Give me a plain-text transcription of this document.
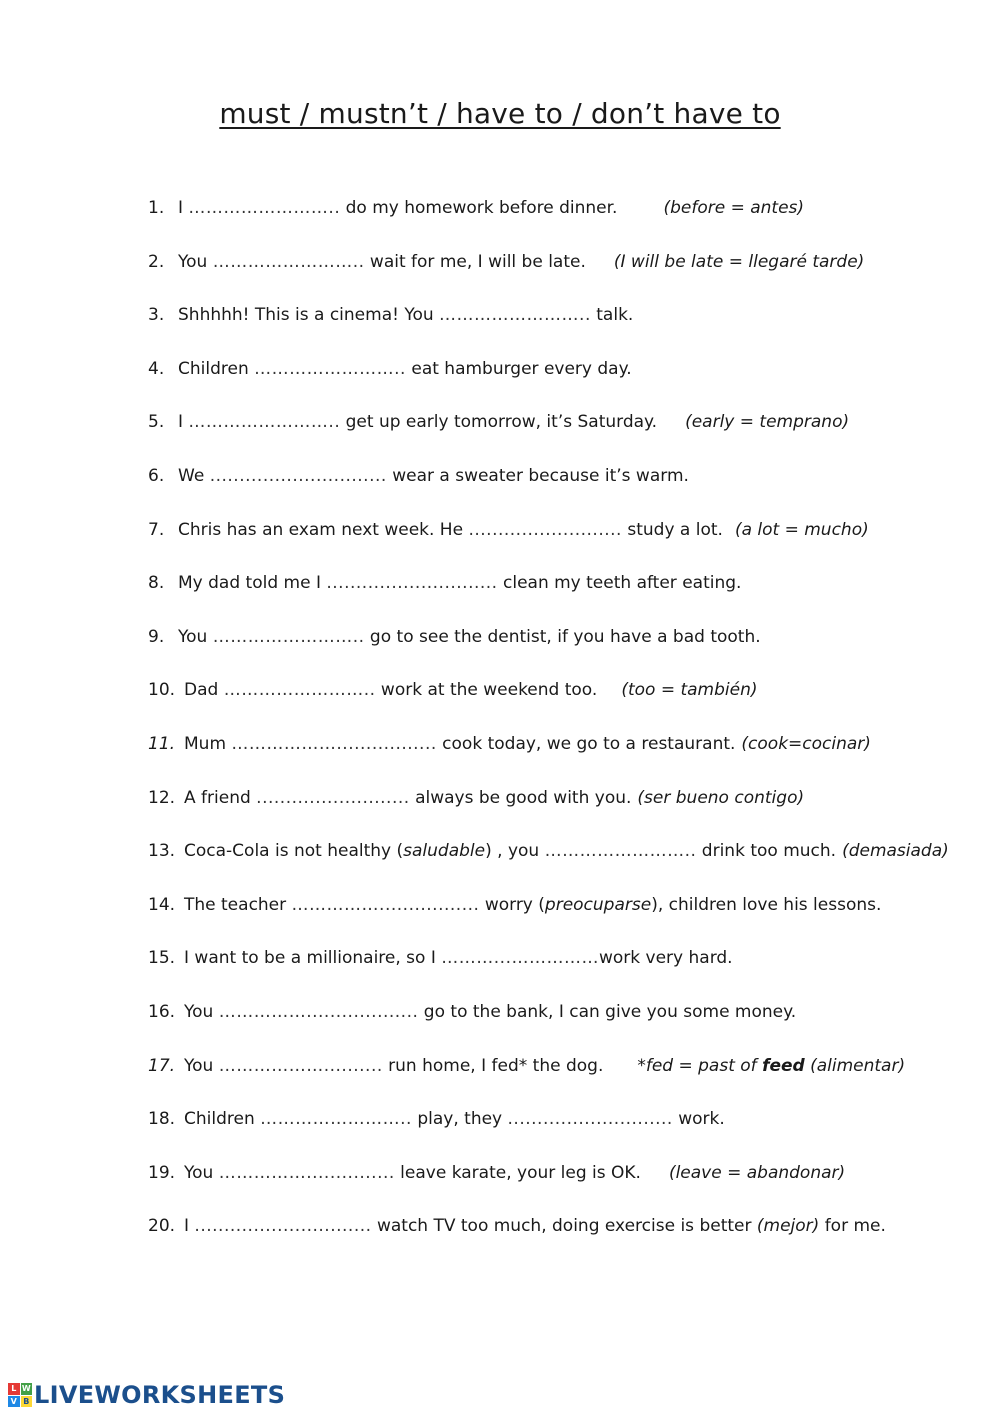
must / mustn’t / have to / don’t have to
1. I …………………….. do my homework before dinner.	(before = antes)
2. You …………………….. wait for me, I will be late. (I will be late = llegaré tarde)
3. Shhhhh! This is a cinema! You …………………….. talk.
4. Children …………………….. eat hamburger every day.
5. I …………………….. get up early tomorrow, it’s Saturday. (early = temprano)
6. We .............................. wear a sweater because it’s warm.
7. Chris has an exam next week. He .......................... study a lot. (a lot = mucho)
8. My dad told me I ............................. clean my teeth after eating.
9. You …………………….. go to see the dentist, if you have a bad tooth.
10. Dad …………………….. work at the weekend too. (too = también)
11. Mum ………………................. cook today, we go to a restaurant. (cook=cocinar)
12. A friend .......................... always be good with you. (ser bueno contigo)
13. Coca-Cola is not healthy (saludable) , you …………………….. drink too much. (demasiada)
14. The teacher ……………................. worry (preocuparse), children love his lessons.
15. I want to be a millionaire, so I ………...……………work very hard.
16. You ……………................... go to the bank, I can give you some money.
17. You ……………….......... run home, I fed* the dog. *fed = past of feed (alimentar)
18. Children …………………….. play, they ............................ work.
19. You ……………............... leave karate, your leg is OK. (leave = abandonar)
20. I .............................. watch TV too much, doing exercise is better (mejor) for me.
L W
V B LIVEWORKSHEETS
